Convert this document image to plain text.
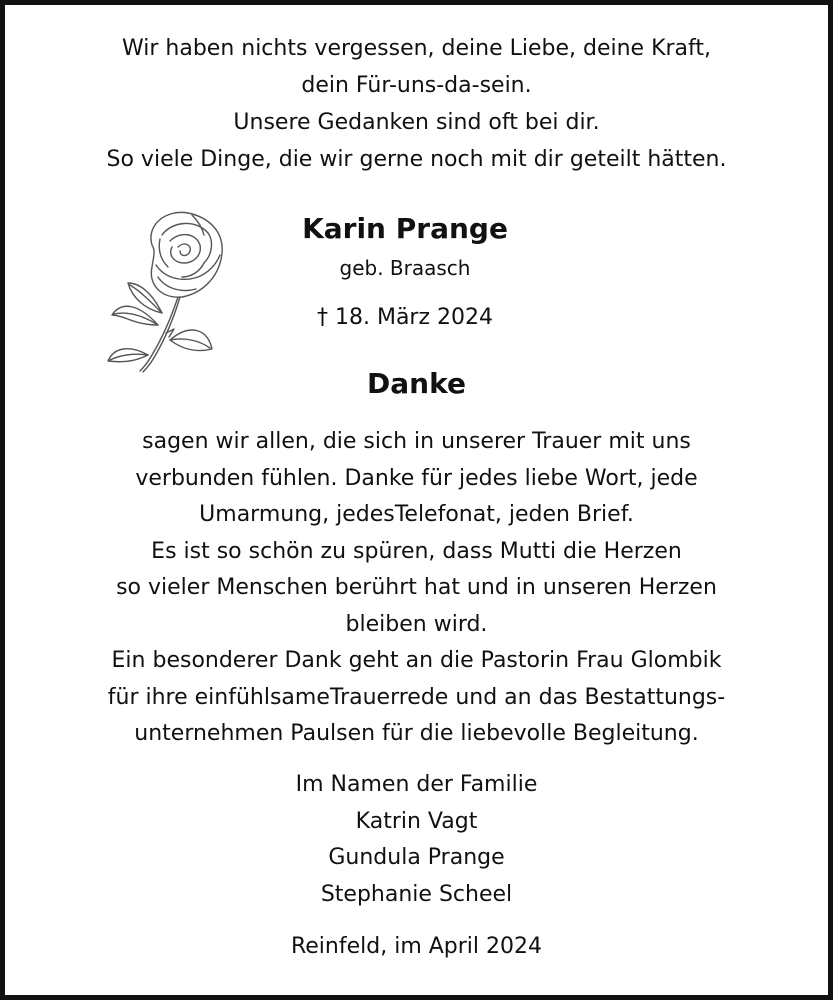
Wir haben nichts vergessen, deine Liebe, deine Kraft,
dein Für-uns-da-sein.
Unsere Gedanken sind oft bei dir.
So viele Dinge, die wir gerne noch mit dir geteilt hätten.
Karin Prange
geb. Braasch
† 18. März 2024
Danke
sagen wir allen, die sich in unserer Trauer mit uns
verbunden fühlen. Danke für jedes liebe Wort, jede
Umarmung, jedesTelefonat, jeden Brief.
Es ist so schön zu spüren, dass Mutti die Herzen
so vieler Menschen berührt hat und in unseren Herzen
bleiben wird.
Ein besonderer Dank geht an die Pastorin Frau Glombik
für ihre einfühlsameTrauerrede und an das Bestattungs-
unternehmen Paulsen für die liebevolle Begleitung.
Im Namen der Familie
Katrin Vagt
Gundula Prange
Stephanie Scheel
Reinfeld, im April 2024
